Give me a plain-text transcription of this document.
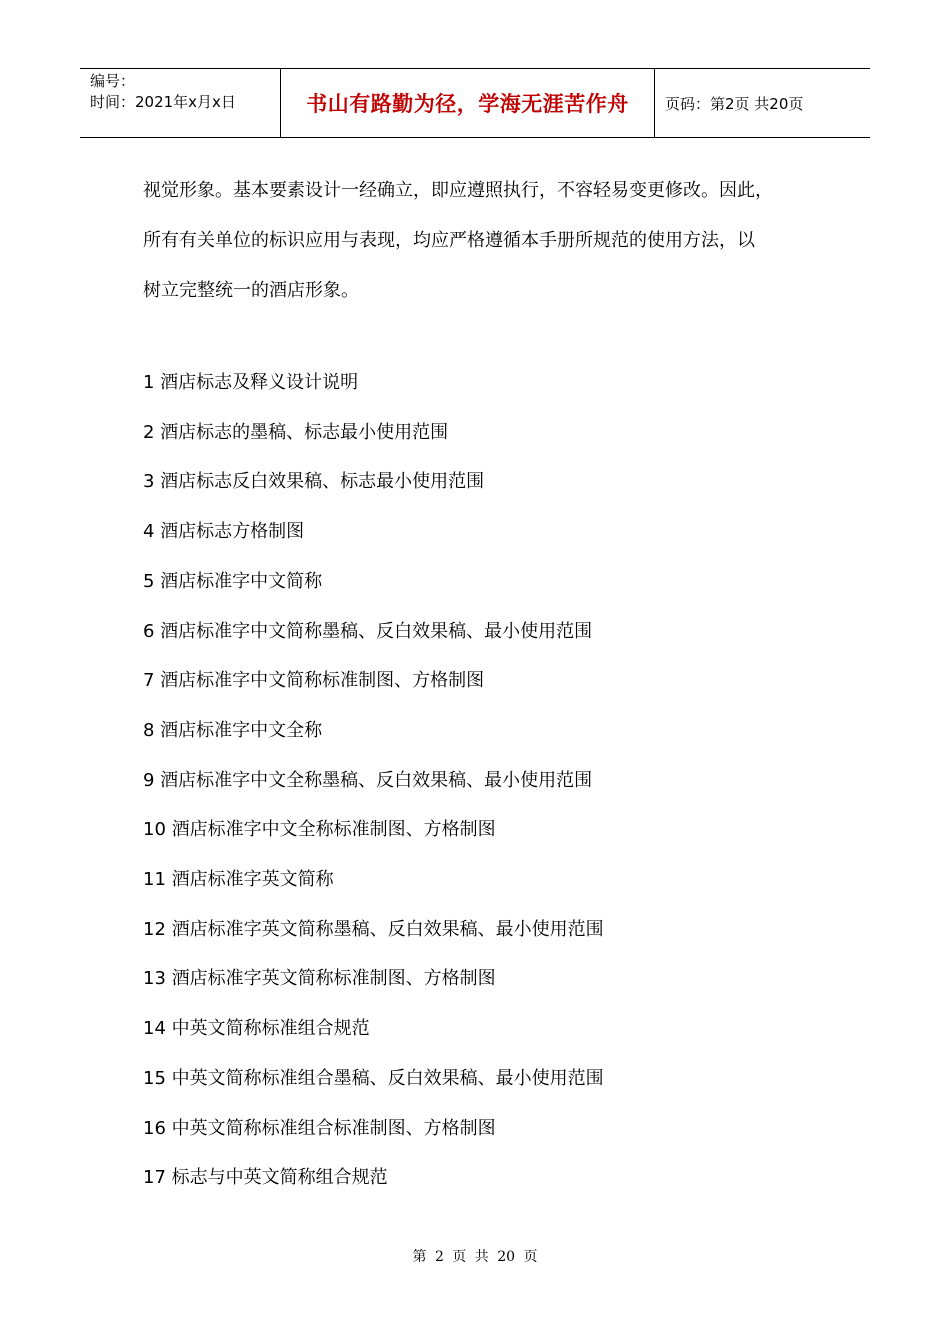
编号：
时间：2021年x月x日	书山有路勤为径，学海无涯苦作舟	页码：第2页 共20页

视觉形象。基本要素设计一经确立，即应遵照执行，不容轻易变更修改。因此，

所有有关单位的标识应用与表现，均应严格遵循本手册所规范的使用方法，以

树立完整统一的酒店形象。

1 酒店标志及释义设计说明
2 酒店标志的墨稿、标志最小使用范围
3 酒店标志反白效果稿、标志最小使用范围
4 酒店标志方格制图
5 酒店标准字中文简称
6 酒店标准字中文简称墨稿、反白效果稿、最小使用范围
7 酒店标准字中文简称标准制图、方格制图
8 酒店标准字中文全称
9 酒店标准字中文全称墨稿、反白效果稿、最小使用范围
10 酒店标准字中文全称标准制图、方格制图
11 酒店标准字英文简称
12 酒店标准字英文简称墨稿、反白效果稿、最小使用范围
13 酒店标准字英文简称标准制图、方格制图
14 中英文简称标准组合规范
15 中英文简称标准组合墨稿、反白效果稿、最小使用范围
16 中英文简称标准组合标准制图、方格制图
17 标志与中英文简称组合规范
第 2 页 共 20 页
